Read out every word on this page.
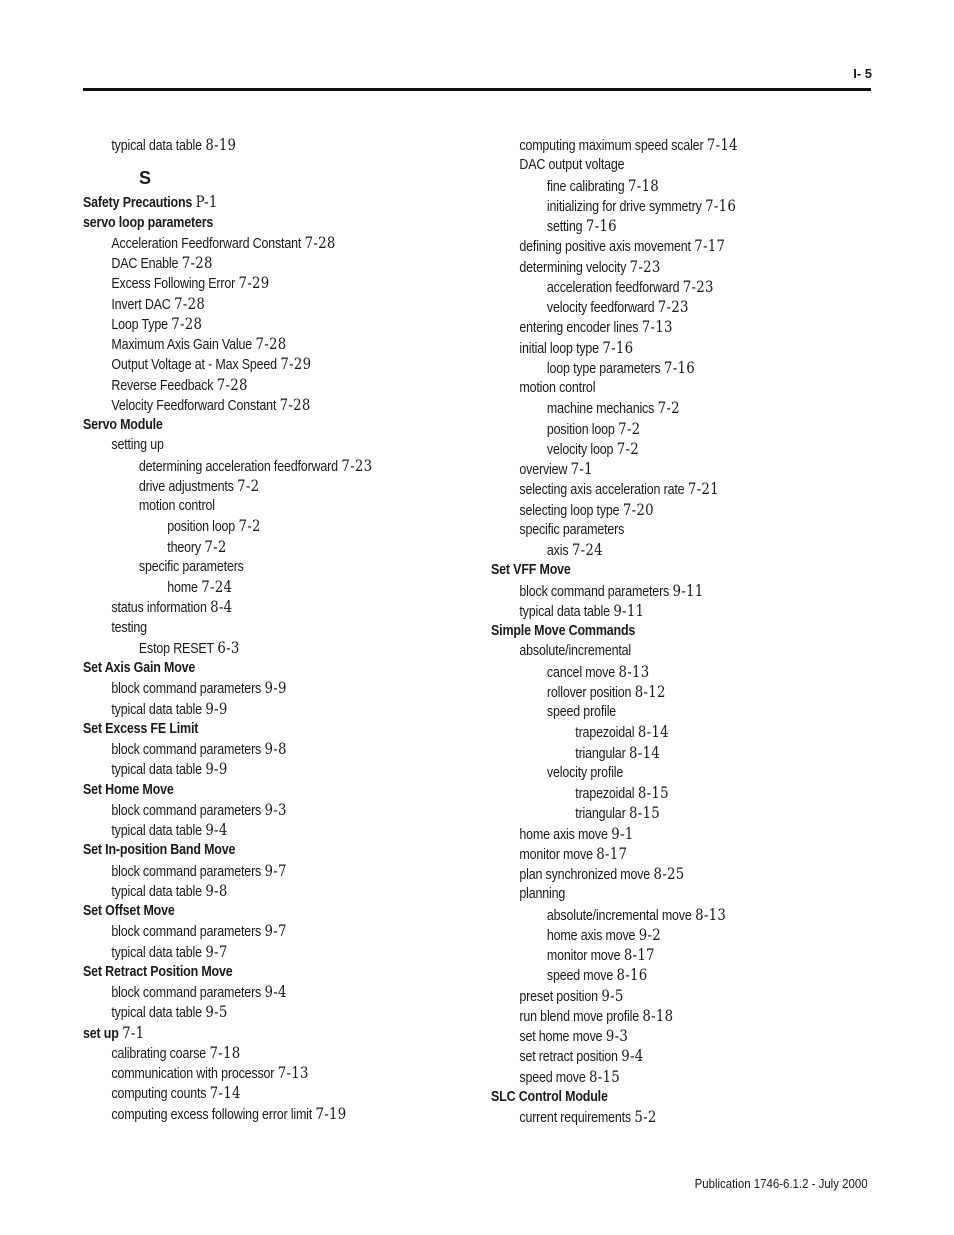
I- 5
typical data table 8-19
S
Safety Precautions P-1
servo loop parameters
Acceleration Feedforward Constant 7-28
DAC Enable 7-28
Excess Following Error 7-29
Invert DAC 7-28
Loop Type 7-28
Maximum Axis Gain Value 7-28
Output Voltage at - Max Speed 7-29
Reverse Feedback 7-28
Velocity Feedforward Constant 7-28
Servo Module
setting up
determining acceleration feedforward 7-23
drive adjustments 7-2
motion control
position loop 7-2
theory 7-2
specific parameters
home 7-24
status information 8-4
testing
Estop RESET 6-3
Set Axis Gain Move
block command parameters 9-9
typical data table 9-9
Set Excess FE Limit
block command parameters 9-8
typical data table 9-9
Set Home Move
block command parameters 9-3
typical data table 9-4
Set In-position Band Move
block command parameters 9-7
typical data table 9-8
Set Offset Move
block command parameters 9-7
typical data table 9-7
Set Retract Position Move
block command parameters 9-4
typical data table 9-5
set up 7-1
calibrating coarse 7-18
communication with processor 7-13
computing counts 7-14
computing excess following error limit 7-19
computing maximum speed scaler 7-14
DAC output voltage
fine calibrating 7-18
initializing for drive symmetry 7-16
setting 7-16
defining positive axis movement 7-17
determining velocity 7-23
acceleration feedforward 7-23
velocity feedforward 7-23
entering encoder lines 7-13
initial loop type 7-16
loop type parameters 7-16
motion control
machine mechanics 7-2
position loop 7-2
velocity loop 7-2
overview 7-1
selecting axis acceleration rate 7-21
selecting loop type 7-20
specific parameters
axis 7-24
Set VFF Move
block command parameters 9-11
typical data table 9-11
Simple Move Commands
absolute/incremental
cancel move 8-13
rollover position 8-12
speed profile
trapezoidal 8-14
triangular 8-14
velocity profile
trapezoidal 8-15
triangular 8-15
home axis move 9-1
monitor move 8-17
plan synchronized move 8-25
planning
absolute/incremental move 8-13
home axis move 9-2
monitor move 8-17
speed move 8-16
preset position 9-5
run blend move profile 8-18
set home move 9-3
set retract position 9-4
speed move 8-15
SLC Control Module
current requirements 5-2
Publication 1746-6.1.2 - July 2000
